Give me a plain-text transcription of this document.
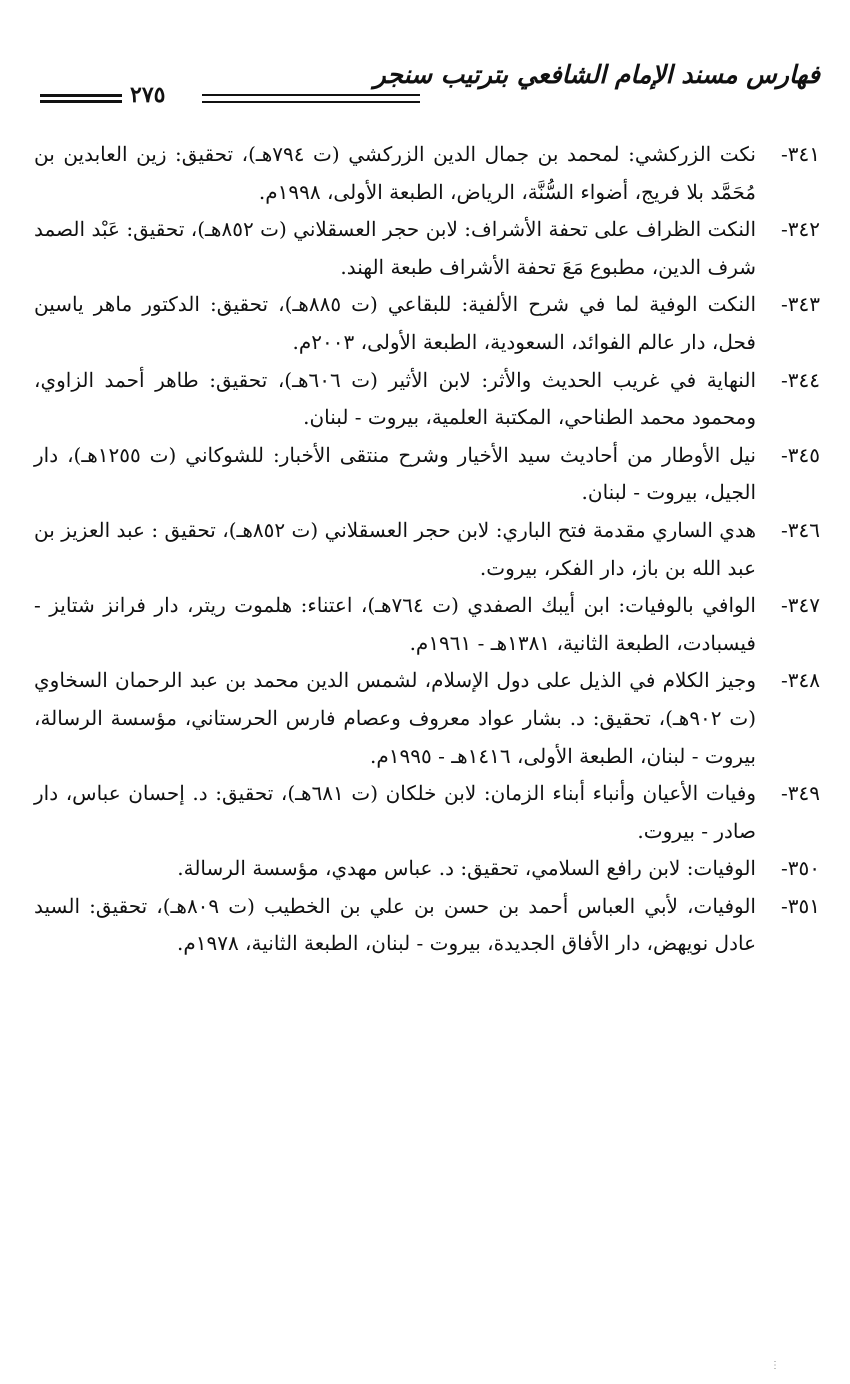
فهارس مسند الإمام الشافعي بترتيب سنجر
٢٧٥
٣٤١-
نكت الزركشي: لمحمد بن جمال الدين الزركشي (ت ٧٩٤هـ)، تحقيق: زين العابدين بن مُحَمَّد بلا فريج، أضواء السُّنَّة، الرياض، الطبعة الأولى، ١٩٩٨م.
٣٤٢-
النكت الظراف على تحفة الأشراف: لابن حجر العسقلاني (ت ٨٥٢هـ)، تحقيق: عَبْد الصمد شرف الدين، مطبوع مَعَ تحفة الأشراف طبعة الهند.
٣٤٣-
النكت الوفية لما في شرح الألفية: للبقاعي (ت ٨٨٥هـ)، تحقيق: الدكتور ماهر ياسين فحل، دار عالم الفوائد، السعودية، الطبعة الأولى، ٢٠٠٣م.
٣٤٤-
النهاية في غريب الحديث والأثر: لابن الأثير (ت ٦٠٦هـ)، تحقيق: طاهر أحمد الزاوي، ومحمود محمد الطناحي، المكتبة العلمية، بيروت - لبنان.
٣٤٥-
نيل الأوطار من أحاديث سيد الأخيار وشرح منتقى الأخبار: للشوكاني (ت ١٢٥٥هـ)، دار الجيل، بيروت - لبنان.
٣٤٦-
هدي الساري مقدمة فتح الباري: لابن حجر العسقلاني (ت ٨٥٢هـ)، تحقيق : عبد العزيز بن عبد الله بن باز، دار الفكر، بيروت.
٣٤٧-
الوافي بالوفيات: ابن أيبك الصفدي (ت ٧٦٤هـ)، اعتناء: هلموت ريتر، دار فرانز شتايز - فيسبادت، الطبعة الثانية، ١٣٨١هـ - ١٩٦١م.
٣٤٨-
وجيز الكلام في الذيل على دول الإسلام، لشمس الدين محمد بن عبد الرحمان السخاوي (ت ٩٠٢هـ)، تحقيق: د. بشار عواد معروف وعصام فارس الحرستاني، مؤسسة الرسالة، بيروت - لبنان، الطبعة الأولى، ١٤١٦هـ - ١٩٩٥م.
٣٤٩-
وفيات الأعيان وأنباء أبناء الزمان: لابن خلكان (ت ٦٨١هـ)، تحقيق: د. إحسان عباس، دار صادر - بيروت.
٣٥٠-
الوفيات: لابن رافع السلامي، تحقيق: د. عباس مهدي، مؤسسة الرسالة.
٣٥١-
الوفيات، لأبي العباس أحمد بن حسن بن علي بن الخطيب (ت ٨٠٩هـ)، تحقيق: السيد عادل نويهض، دار الأفاق الجديدة، بيروت - لبنان، الطبعة الثانية، ١٩٧٨م.
⋮
